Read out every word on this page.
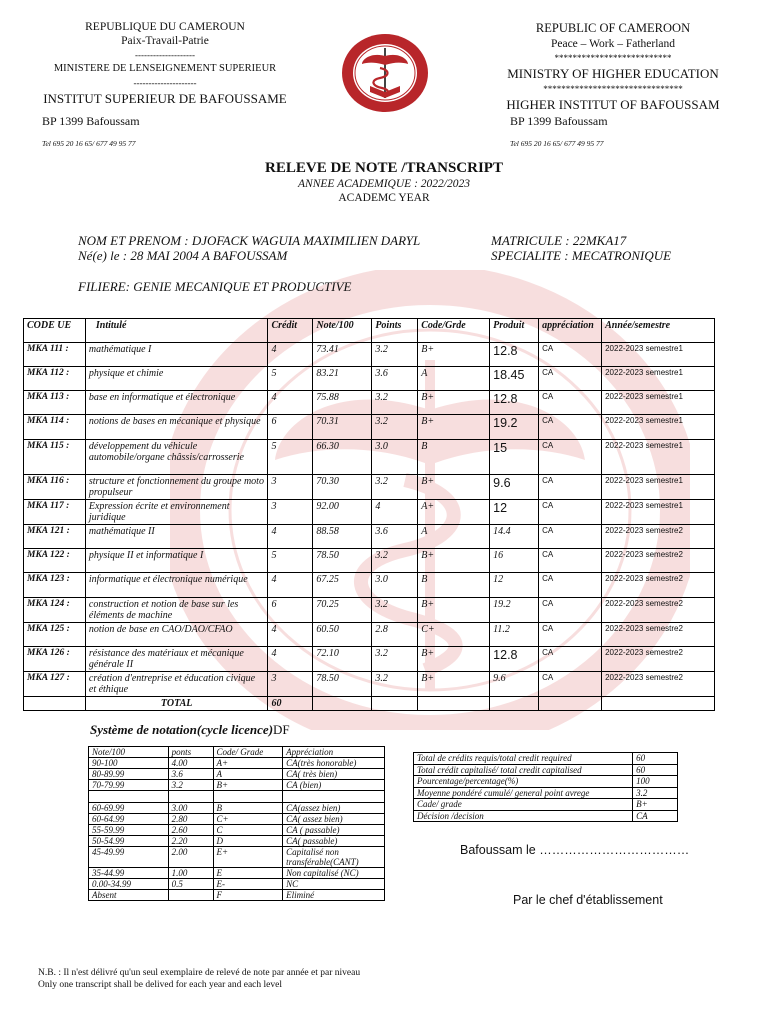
REPUBLIQUE DU CAMEROUN
Paix-Travail-Patrie
--------------------
MINISTERE DE LENSEIGNEMENT SUPERIEUR
---------------------
INSTITUT SUPERIEUR DE BAFOUSSAME
BP 1399 Bafoussam
Tel 695 20 16 65/ 677 49 95 77
REPUBLIC OF CAMEROON
Peace – Work – Fatherland
**************************
MINISTRY OF HIGHER EDUCATION
*******************************
HIGHER INSTITUT OF BAFOUSSAM
BP 1399 Bafoussam
Tel 695 20 16 65/ 677 49 95 77
RELEVE DE NOTE /TRANSCRIPT
ANNEE ACADEMIQUE : 2022/2023
ACADEMC YEAR
NOM ET PRENOM : DJOFACK WAGUIA MAXIMILIEN DARYL
Né(e) le : 28 MAI 2004 A BAFOUSSAM
MATRICULE : 22MKA17
SPECIALITE : MECATRONIQUE
FILIERE: GENIE MECANIQUE ET PRODUCTIVE
CODE UE	Intitulé	Crédit	Note/100	Points	Code/Grde	Produit	appréciation	Année/semestre
MKA 111 :	mathématique I	4	73.41	3.2	B+	12.8	CA	2022-2023 semestre1
MKA 112 :	physique et chimie	5	83.21	3.6	A	18.45	CA	2022-2023 semestre1
MKA 113 :	base en informatique et électronique	4	75.88	3.2	B+	12.8	CA	2022-2023 semestre1
MKA 114 :	notions de bases en mécanique et physique	6	70.31	3.2	B+	19.2	CA	2022-2023 semestre1
MKA 115 :	développement du véhicule automobile/organe châssis/carrosserie	5	66.30	3.0	B	15	CA	2022-2023 semestre1
MKA 116 :	structure et fonctionnement du groupe moto propulseur	3	70.30	3.2	B+	9.6	CA	2022-2023 semestre1
MKA 117 :	Expression écrite et environnement juridique	3	92.00	4	A+	12	CA	2022-2023 semestre1
MKA 121 :	mathématique II	4	88.58	3.6	A	14.4	CA	2022-2023 semestre2
MKA 122 :	physique II et informatique I	5	78.50	3.2	B+	16	CA	2022-2023 semestre2
MKA 123 :	informatique et électronique numérique	4	67.25	3.0	B	12	CA	2022-2023 semestre2
MKA 124 :	construction et notion de base sur les éléments de machine	6	70.25	3.2	B+	19.2	CA	2022-2023 semestre2
MKA 125 :	notion de base en CAO/DAO/CFAO	4	60.50	2.8	C+	11.2	CA	2022-2023 semestre2
MKA 126 :	résistance des matériaux et mécanique générale II	4	72.10	3.2	B+	12.8	CA	2022-2023 semestre2
MKA 127 :	création d'entreprise et éducation civique et éthique	3	78.50	3.2	B+	9.6	CA	2022-2023 semestre2
	TOTAL	60						
Système de notation(cycle licence)DF
Note/100	ponts	Code/ Grade	Appréciation
90-100	4.00	A+	CA(très honorable)
80-89.99	3.6	A	CA( très bien)
70-79.99	3.2	B+	CA (bien)

60-69.99	3.00	B	CA(assez bien)
60-64.99	2.80	C+	CA( assez bien)
55-59.99	2.60	C	CA ( passable)
50-54.99	2.20	D	CA( passable)
45-49.99	2.00	E+	Capitalisé non transférable(CANT)
35-44.99	1.00	E	Non capitalisé (NC)
0.00-34.99	0.5	E-	NC
Absent		F	Eliminé
Total de crédits requis/total credit required	60
Total crédit capitalisé/ total credit capitalised	60
Pourcentage/percentage(%)	100
Moyenne pondéré cumulé/ general point avrege	3.2
Cade/ grade	B+
Décision /decision	CA
Bafoussam le ………………………………
Par le chef d'établissement
N.B. : Il n'est délivré qu'un seul exemplaire de relevé de note par année et par niveau
Only one transcript shall be delived for each year and each level
